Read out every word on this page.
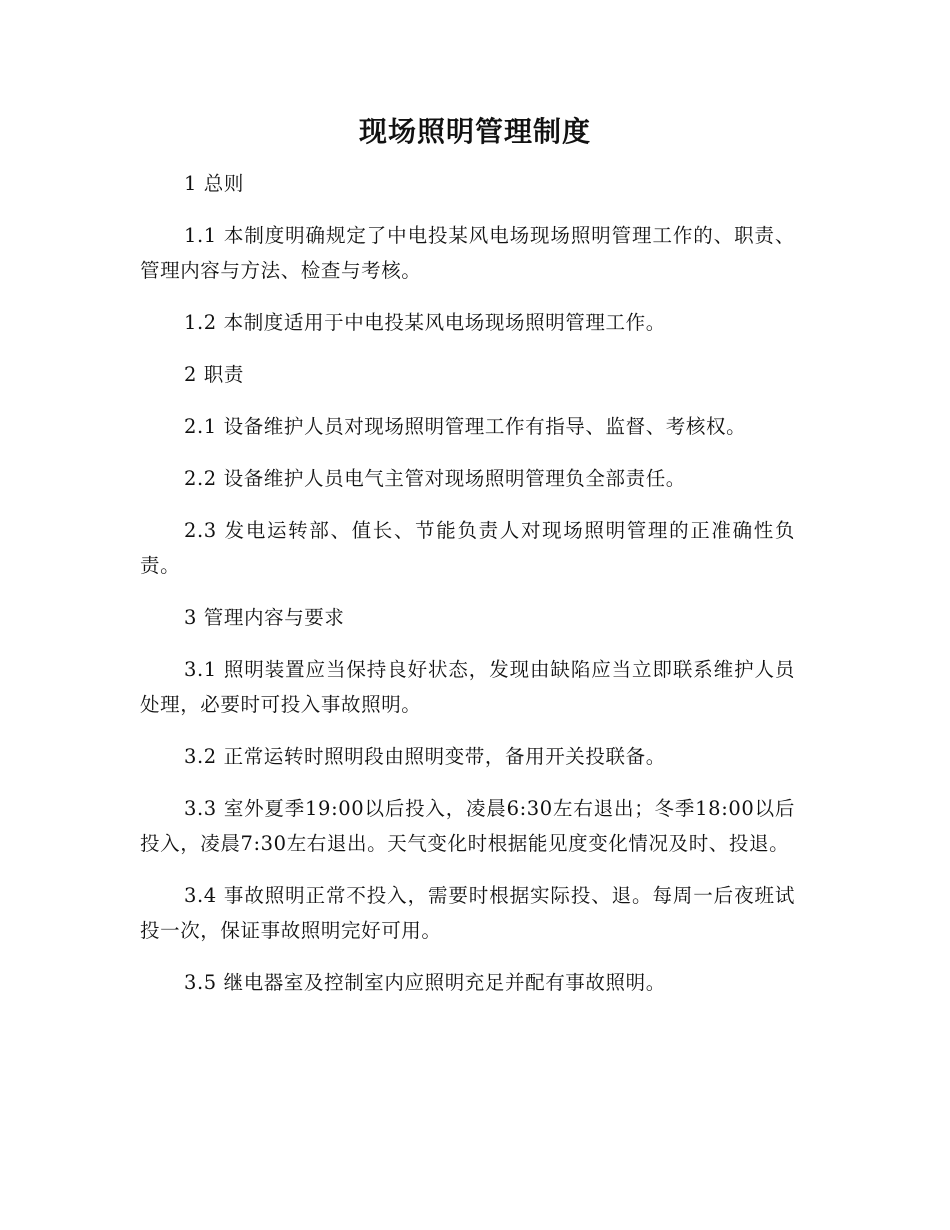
现场照明管理制度

1 总则

1.1 本制度明确规定了中电投某风电场现场照明管理工作的、职责、管理内容与方法、检查与考核。

1.2 本制度适用于中电投某风电场现场照明管理工作。

2 职责

2.1 设备维护人员对现场照明管理工作有指导、监督、考核权。

2.2 设备维护人员电气主管对现场照明管理负全部责任。

2.3 发电运转部、值长、节能负责人对现场照明管理的正准确性负责。

3 管理内容与要求

3.1 照明装置应当保持良好状态，发现由缺陷应当立即联系维护人员处理，必要时可投入事故照明。

3.2 正常运转时照明段由照明变带，备用开关投联备。

3.3 室外夏季19:00以后投入，凌晨6:30左右退出；冬季18:00以后投入，凌晨7:30左右退出。天气变化时根据能见度变化情况及时、投退。

3.4 事故照明正常不投入，需要时根据实际投、退。每周一后夜班试投一次，保证事故照明完好可用。

3.5 继电器室及控制室内应照明充足并配有事故照明。
